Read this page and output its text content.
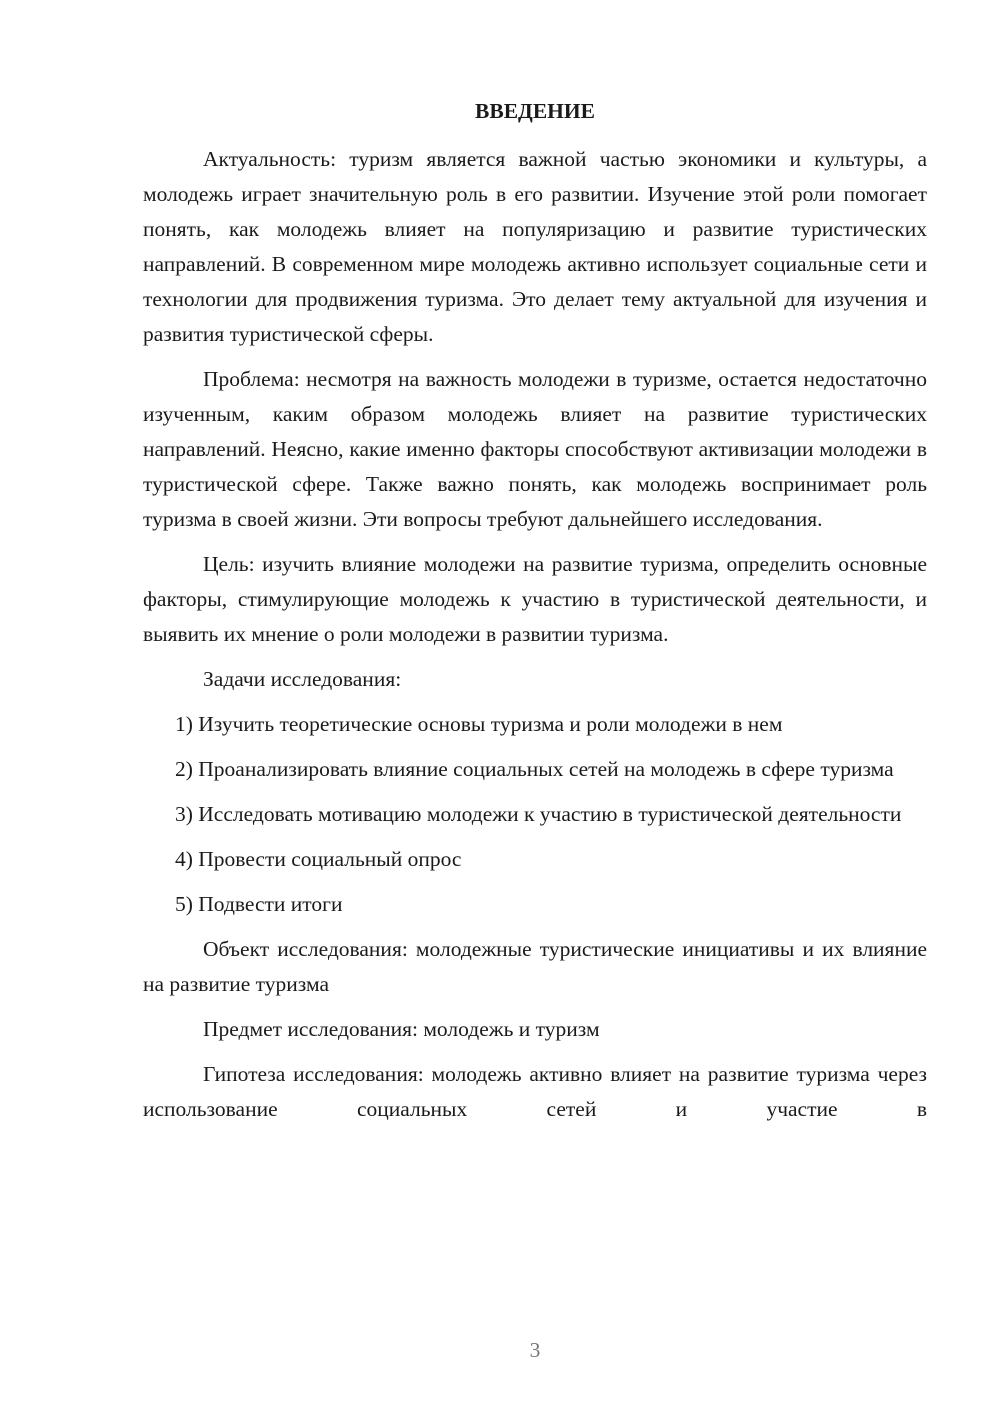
ВВЕДЕНИЕ

Актуальность: туризм является важной частью экономики и культуры, а молодежь играет значительную роль в его развитии. Изучение этой роли помогает понять, как молодежь влияет на популяризацию и развитие туристических направлений. В современном мире молодежь активно использует социальные сети и технологии для продвижения туризма. Это делает тему актуальной для изучения и развития туристической сферы.

Проблема: несмотря на важность молодежи в туризме, остается недостаточно изученным, каким образом молодежь влияет на развитие туристических направлений. Неясно, какие именно факторы способствуют активизации молодежи в туристической сфере. Также важно понять, как молодежь воспринимает роль туризма в своей жизни. Эти вопросы требуют дальнейшего исследования.

Цель: изучить влияние молодежи на развитие туризма, определить основные факторы, стимулирующие молодежь к участию в туристической деятельности, и выявить их мнение о роли молодежи в развитии туризма.

Задачи исследования:

1) Изучить теоретические основы туризма и роли молодежи в нем

2) Проанализировать влияние социальных сетей на молодежь в сфере туризма

3) Исследовать мотивацию молодежи к участию в туристической деятельности

4) Провести социальный опрос

5) Подвести итоги

Объект исследования: молодежные туристические инициативы и их влияние на развитие туризма

Предмет исследования: молодежь и туризм

Гипотеза исследования: молодежь активно влияет на развитие туризма через использование социальных сетей и участие в

3
